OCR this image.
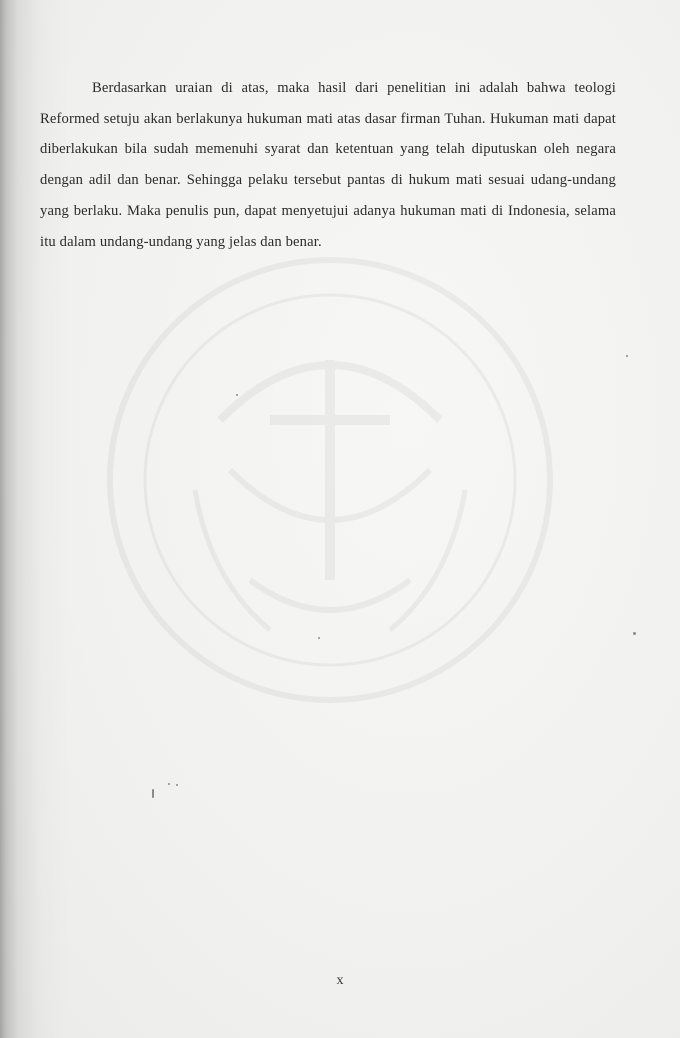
Berdasarkan uraian di atas, maka hasil dari penelitian ini adalah bahwa teologi Reformed setuju akan berlakunya hukuman mati atas dasar firman Tuhan. Hukuman mati dapat diberlakukan bila sudah memenuhi syarat dan ketentuan yang telah diputuskan oleh negara dengan adil dan benar. Sehingga pelaku tersebut pantas di hukum mati sesuai udang-undang yang berlaku. Maka penulis pun, dapat menyetujui adanya hukuman mati di Indonesia, selama itu dalam undang-undang yang jelas dan benar.

x
